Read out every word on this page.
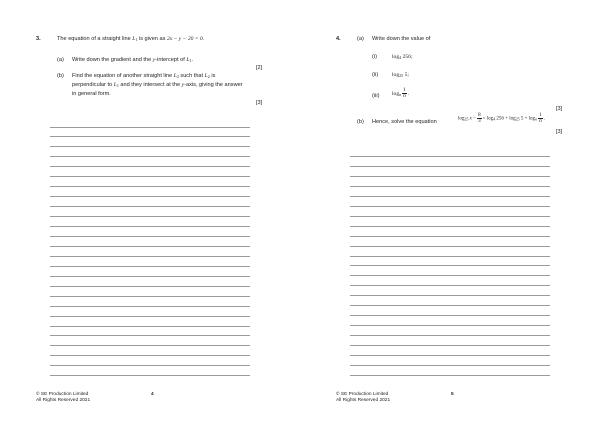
3.	The equation of a straight line $L_1$ is given as 2x − y − 20 = 0.
(a) Write down the gradient and the y-intercept of $L_1$.
[2]
(b) Find the equation of another straight line $L_2$ such that $L_2$ is
perpendicular to $L_1$ and they intersect at the y-axis, giving the answer
in general form.
[3]
© SE Production Limited
All Rights Reserved 2021
4
4.	(a) Write down the value of
(i)	$\log_4 256$;
(ii) $\log_{25} 5$;
(iii) $\log_n \frac{1}{n}$ .
[3]
(b) Hence, solve the equation	$\log_{25} x - \frac{8}{3} = \log_4 256 + \log_{25} 5 + \log_n \frac{1}{n}$ .
[3]
© SE Production Limited
All Rights Reserved 2021
5
